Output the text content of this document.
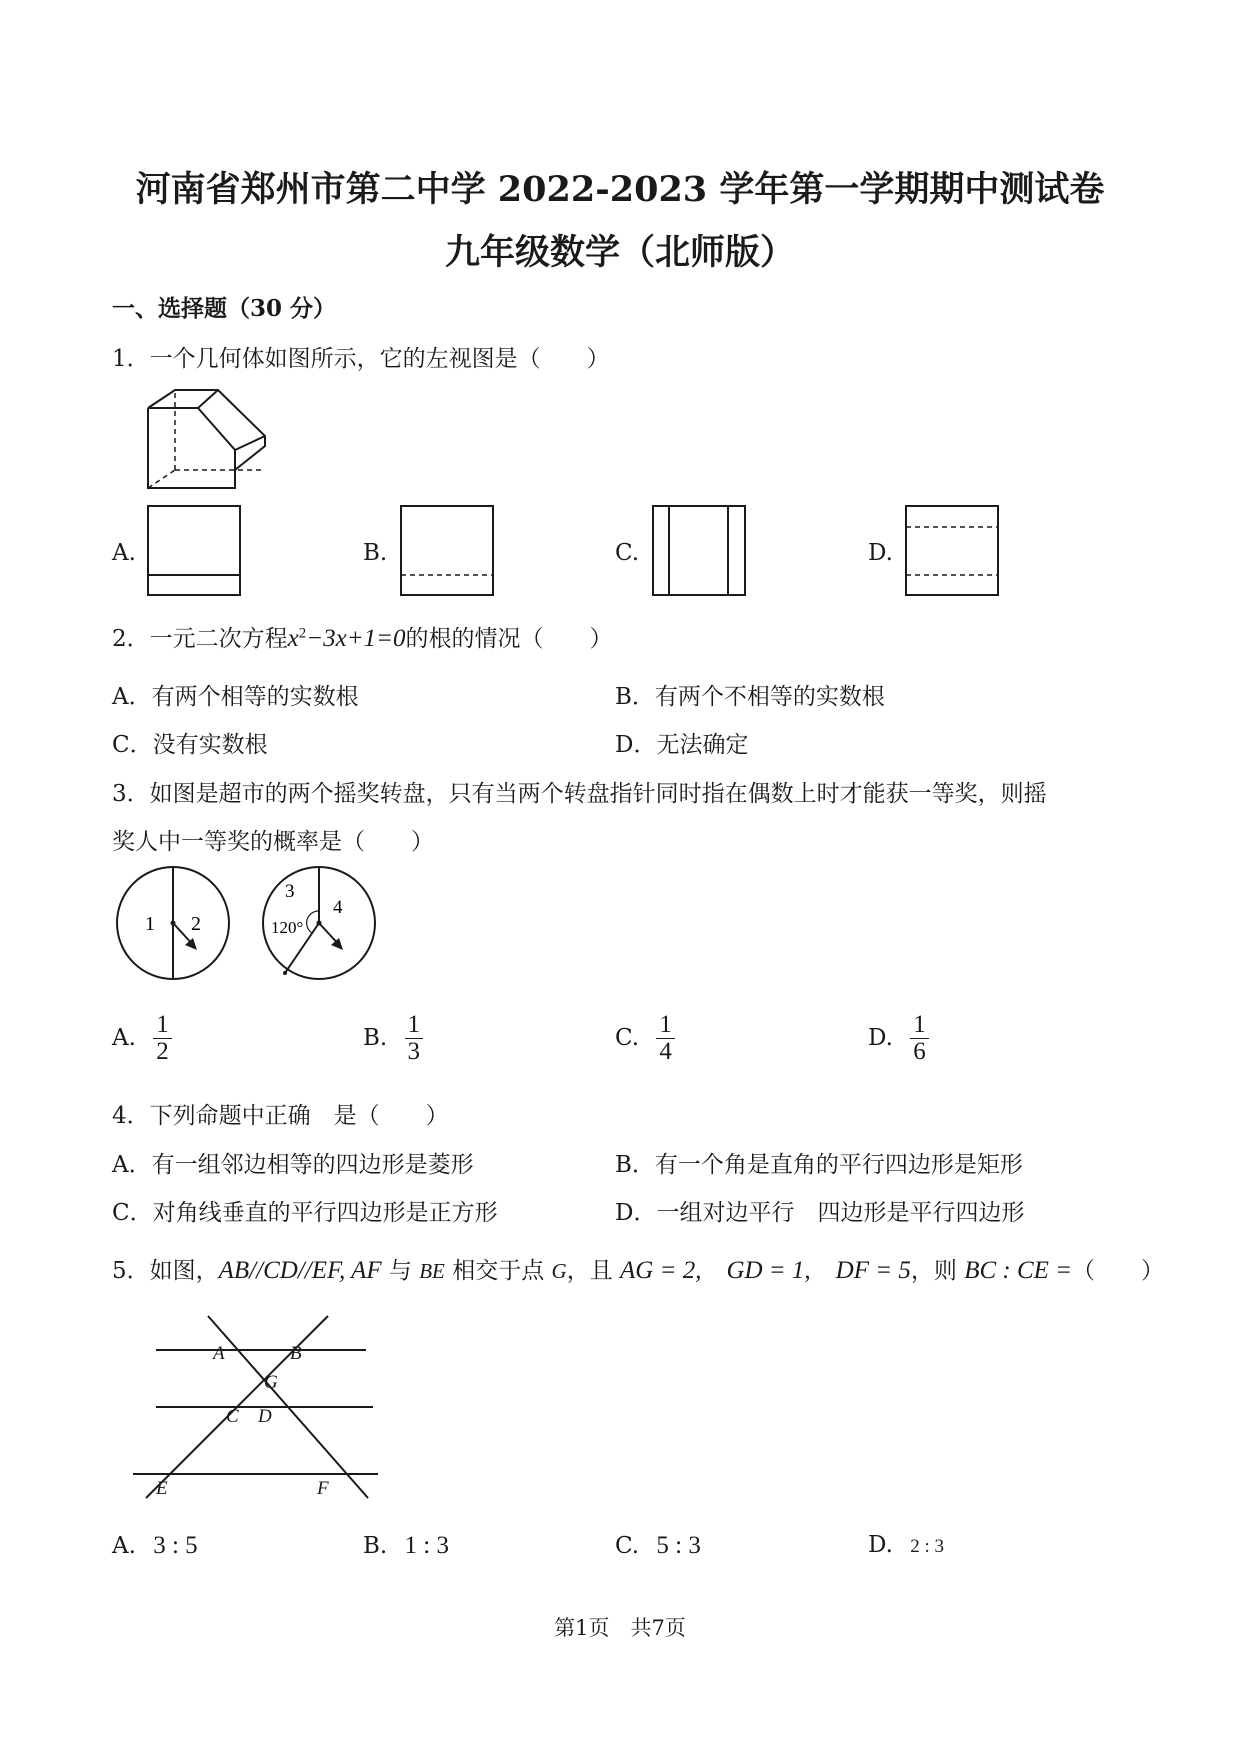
河南省郑州市第二中学 2022-2023 学年第一学期期中测试卷
九年级数学（北师版）
一、选择题（30 分）
1．一个几何体如图所示，它的左视图是（　　）
A.	B.	C.	D.
2．一元二次方程$x^2-3x+1=0$的根的情况（　　）
A．有两个相等的实数根	B．有两个不相等的实数根
C．没有实数根	D．无法确定
3．如图是超市的两个摇奖转盘，只有当两个转盘指针同时指在偶数上时才能获一等奖，则摇
奖人中一等奖的概率是（　　）
1 2
3
4
120°
A. $\frac{1}{2}$	B. $\frac{1}{3}$	C. $\frac{1}{4}$	D. $\frac{1}{6}$
4．下列命题中正确　是（　　）
A．有一组邻边相等的四边形是菱形	B．有一个角是直角的平行四边形是矩形
C．对角线垂直的平行四边形是正方形	D．一组对边平行　四边形是平行四边形
5．如图，AB//CD//EF, AF 与 BE 相交于点 G，且 AG = 2,　GD = 1,　DF = 5，则 BC : CE =（　　）
A	B
G
C D
E	F
A. 3 : 5	B. 1 : 3	C. 5 : 3	D. 2 : 3
第1页　共7页
